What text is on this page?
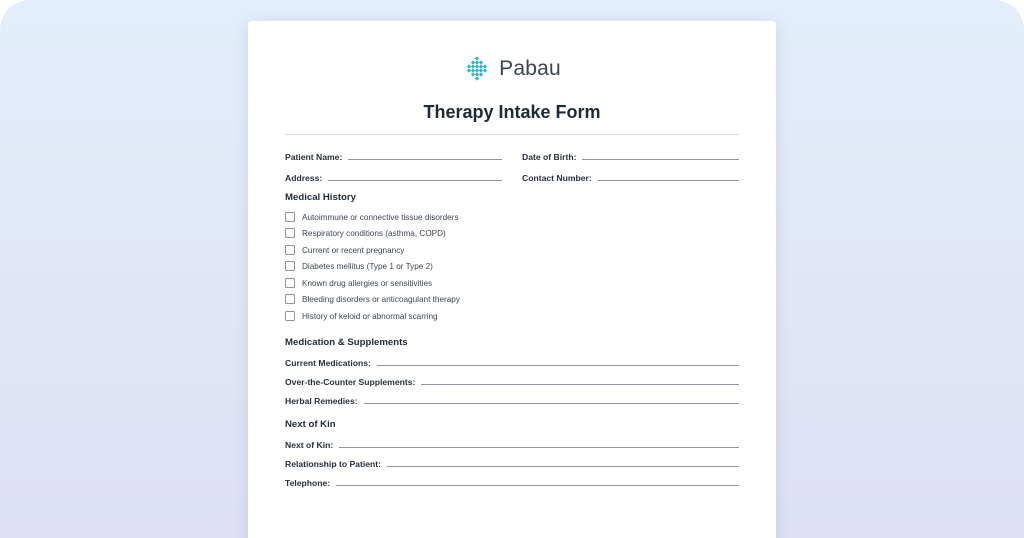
Pabau
Therapy Intake Form
Patient Name:	Date of Birth:
Address:	Contact Number:
Medical History
Autoimmune or connective tissue disorders
Respiratory conditions (asthma, COPD)
Current or recent pregnancy
Diabetes mellitus (Type 1 or Type 2)
Known drug allergies or sensitivities
Bleeding disorders or anticoagulant therapy
History of keloid or abnormal scarring
Medication & Supplements
Current Medications:
Over-the-Counter Supplements:
Herbal Remedies:
Next of Kin
Next of Kin:
Relationship to Patient:
Telephone:
